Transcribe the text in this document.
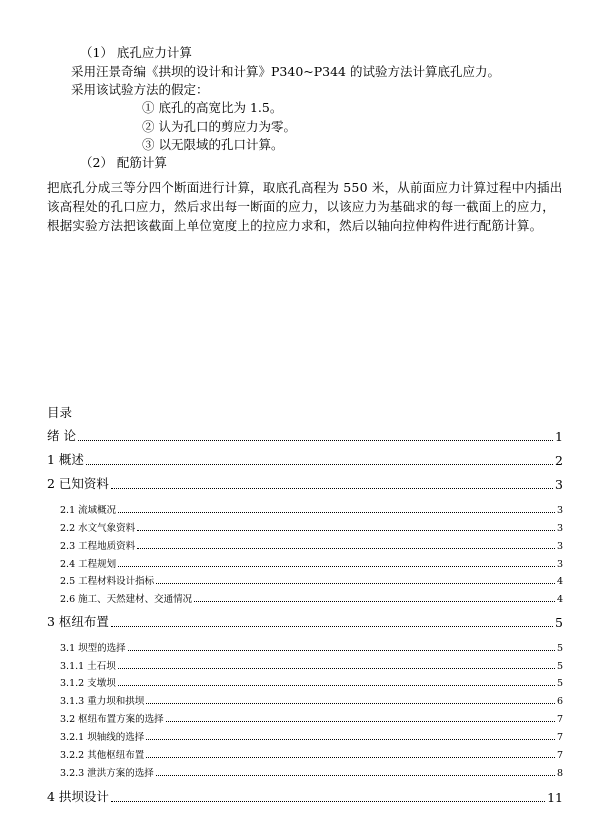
（1） 底孔应力计算
采用汪景奇编《拱坝的设计和计算》P340~P344 的试验方法计算底孔应力。
采用该试验方法的假定：
① 底孔的高宽比为 1.5。
② 认为孔口的剪应力为零。
③ 以无限域的孔口计算。
（2） 配筋计算
把底孔分成三等分四个断面进行计算，取底孔高程为 550 米，从前面应力计算过程中内插出该高程处的孔口应力，然后求出每一断面的应力，以该应力为基础求的每一截面上的应力，根据实验方法把该截面上单位宽度上的拉应力求和，然后以轴向拉伸构件进行配筋计算。
目录
绪 论	1
1 概述	2
2 已知资料	3
2.1 流域概况	3
2.2 水文气象资料	3
2.3 工程地质资料	3
2.4 工程规划	3
2.5 工程材料设计指标	4
2.6 施工、天然建材、交通情况	4
3 枢纽布置	5
3.1 坝型的选择	5
3.1.1 土石坝	5
3.1.2 支墩坝	5
3.1.3 重力坝和拱坝	6
3.2 枢纽布置方案的选择	7
3.2.1 坝轴线的选择	7
3.2.2 其他枢纽布置	7
3.2.3 泄洪方案的选择	8
4 拱坝设计	11
